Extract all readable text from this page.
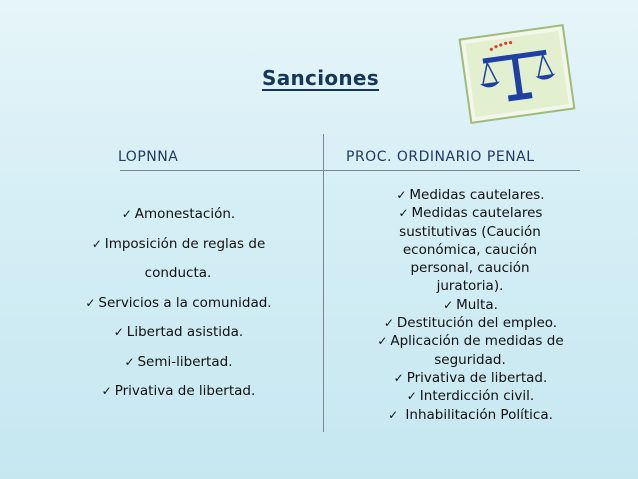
Sanciones
LOPNNA	PROC. ORDINARIO PENAL
✓ Amonestación.
✓ Imposición de reglas de
conducta.
✓ Servicios a la comunidad.
✓ Libertad asistida.
✓ Semi-libertad.
✓ Privativa de libertad.
✓ Medidas cautelares.
✓ Medidas cautelares
sustitutivas (Caución
económica, caución
personal, caución
juratoria).
✓ Multa.
✓ Destitución del empleo.
✓ Aplicación de medidas de
seguridad.
✓ Privativa de libertad.
✓ Interdicción civil.
✓ Inhabilitación Política.
